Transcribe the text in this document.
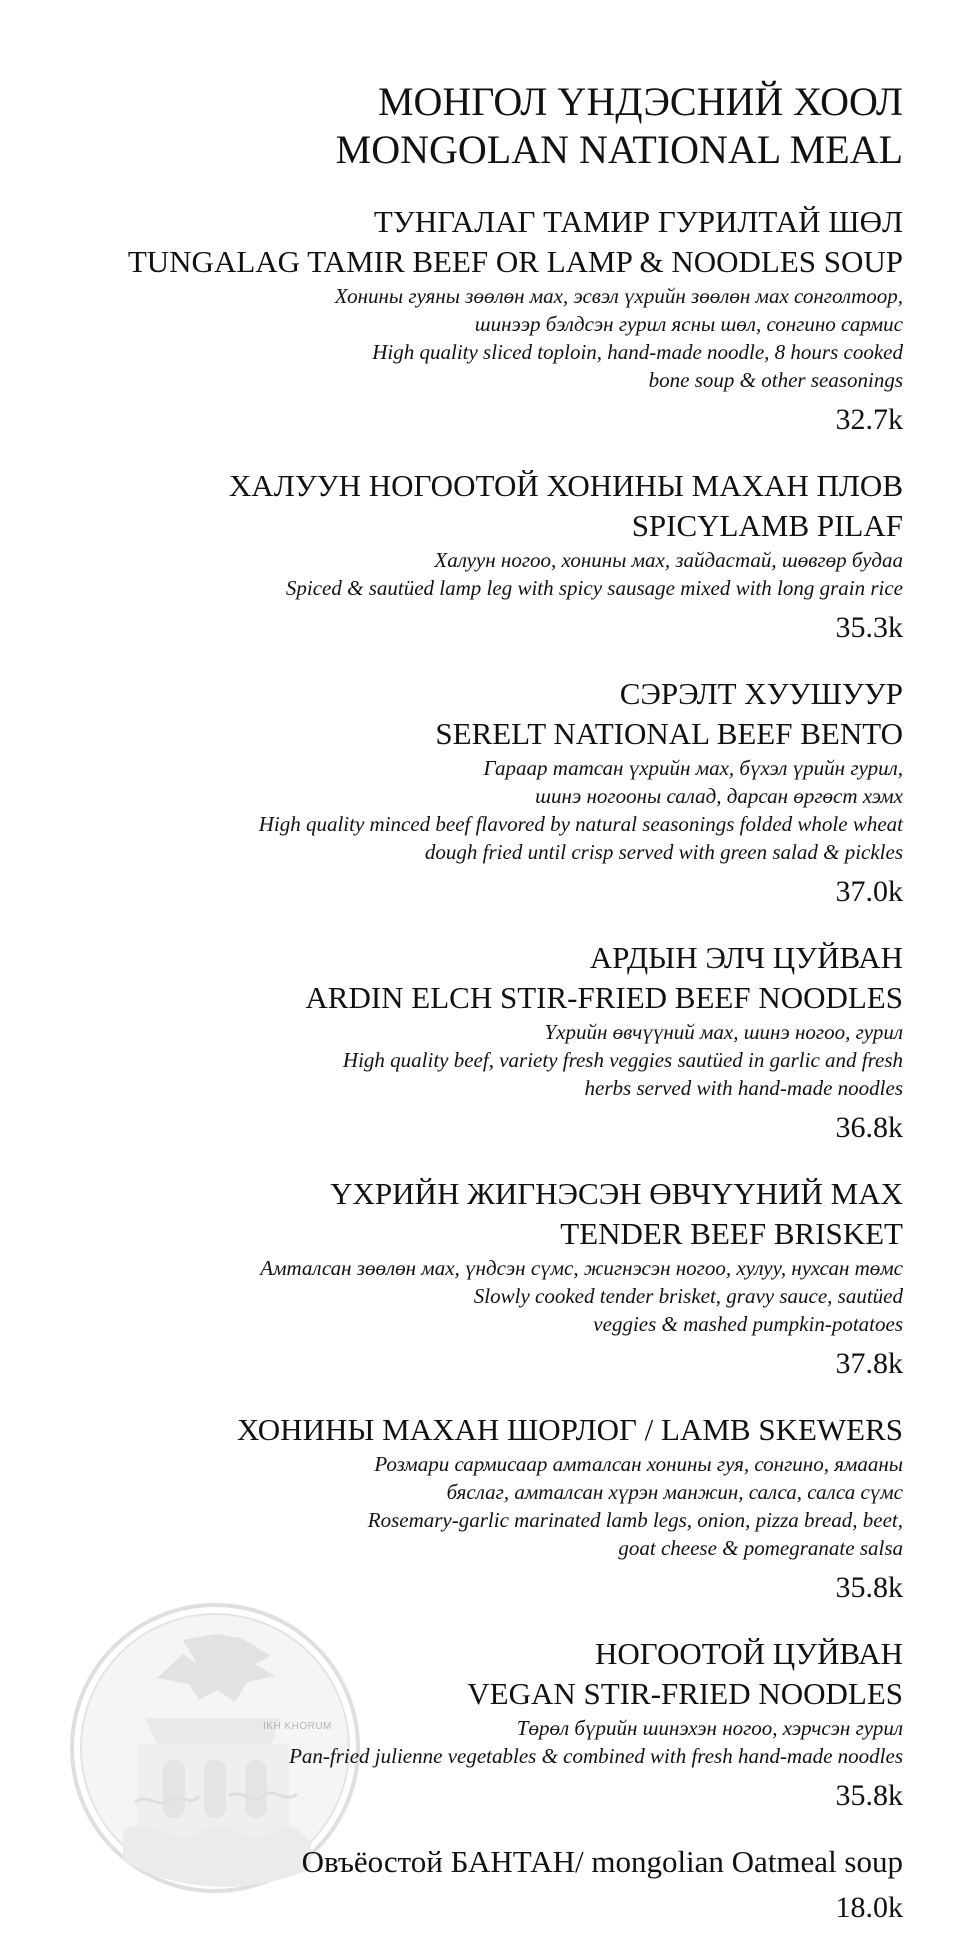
IKH KHORUM
МОНГОЛ ҮНДЭСНИЙ ХООЛ
MONGOLAN NATIONAL MEAL
ТУНГАЛАГ ТАМИР ГУРИЛТАЙ ШӨЛ
TUNGALAG TAMIR BEEF OR LAMP & NOODLES SOUP
Хонины гуяны зөөлөн мах, эсвэл үхрийн зөөлөн мах сонголтоор,
шинээр бэлдсэн гурил ясны шөл, сонгино сармис
High quality sliced toploin, hand-made noodle, 8 hours cooked
bone soup & other seasonings
32.7k
ХАЛУУН НОГООТОЙ ХОНИНЫ МАХАН ПЛОВ
SPICYLAMB PILAF
Халуун ногоо, хонины мах, зайдастай, шөвгөр будаа
Spiced & sautüed lamp leg with spicy sausage mixed with long grain rice
35.3k
СЭРЭЛТ ХУУШУУР
SERELT NATIONAL BEEF BENTO
Гараар татсан үхрийн мах, бүхэл үрийн гурил,
шинэ ногооны салад, дарсан өргөст хэмх
High quality minced beef flavored by natural seasonings folded whole wheat
dough fried until crisp served with green salad & pickles
37.0k
АРДЫН ЭЛЧ ЦУЙВАН
ARDIN ELCH STIR-FRIED BEEF NOODLES
Үхрийн өвчүүний мах, шинэ ногоо, гурил
High quality beef, variety fresh veggies sautüed in garlic and fresh
herbs served with hand-made noodles
36.8k
ҮХРИЙН ЖИГНЭСЭН ӨВЧҮҮНИЙ МАХ
TENDER BEEF BRISKET
Амталсан зөөлөн мах, үндсэн сүмс, жигнэсэн ногоо, хулуу, нухсан төмс
Slowly cooked tender brisket, gravy sauce, sautüed
veggies & mashed pumpkin-potatoes
37.8k
ХОНИНЫ МАХАН ШОРЛОГ / LAMB SKEWERS
Розмари сармисаар амталсан хонины гуя, сонгино, ямааны
бяслаг, амталсан хүрэн манжин, салса, салса сүмс
Rosemary-garlic marinated lamb legs, onion, pizza bread, beet,
goat cheese & pomegranate salsa
35.8k
НОГООТОЙ ЦУЙВАН
VEGAN STIR-FRIED NOODLES
Төрөл бүрийн шинэхэн ногоо, хэрчсэн гурил
Pan-fried julienne vegetables & combined with fresh hand-made noodles
35.8k
Овъёостой БАНТАН/ mongolian Oatmeal soup
18.0k
